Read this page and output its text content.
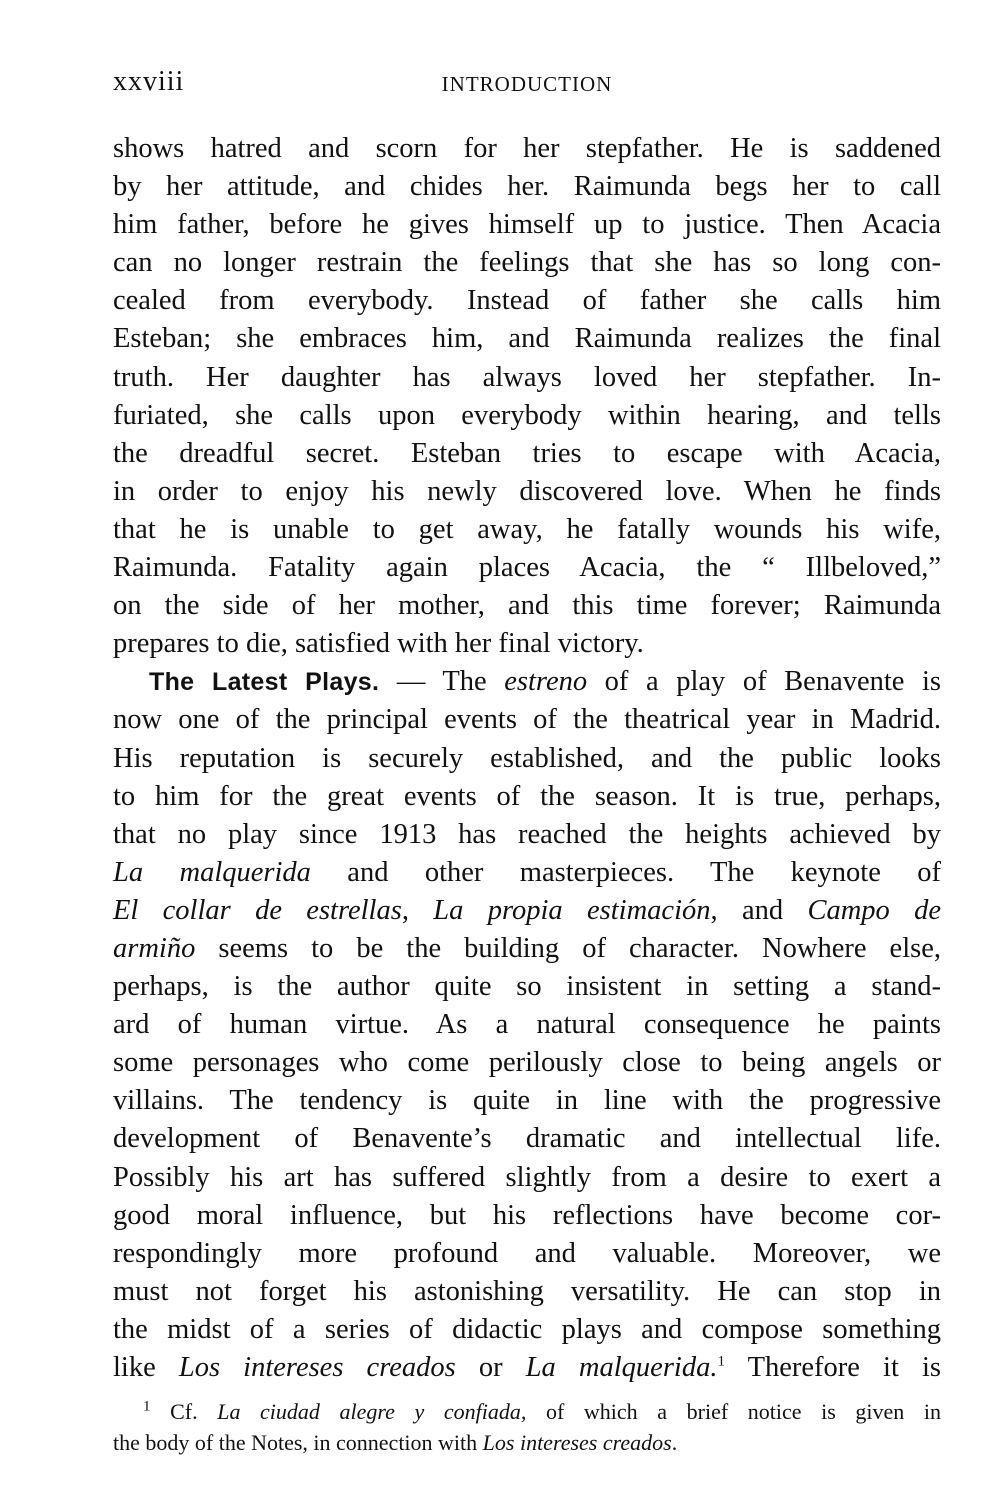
xxviii	INTRODUCTION
shows hatred and scorn for her stepfather. He is saddened
by her attitude, and chides her. Raimunda begs her to call
him father, before he gives himself up to justice. Then Acacia
can no longer restrain the feelings that she has so long con-
cealed from everybody. Instead of father she calls him
Esteban; she embraces him, and Raimunda realizes the final
truth. Her daughter has always loved her stepfather. In-
furiated, she calls upon everybody within hearing, and tells
the dreadful secret. Esteban tries to escape with Acacia,
in order to enjoy his newly discovered love. When he finds
that he is unable to get away, he fatally wounds his wife,
Raimunda. Fatality again places Acacia, the “ Illbeloved,”
on the side of her mother, and this time forever; Raimunda
prepares to die, satisfied with her final victory.
The Latest Plays. — The estreno of a play of Benavente is
now one of the principal events of the theatrical year in Madrid.
His reputation is securely established, and the public looks
to him for the great events of the season. It is true, perhaps,
that no play since 1913 has reached the heights achieved by
La malquerida and other masterpieces. The keynote of
El collar de estrellas, La propia estimación, and Campo de
armiño seems to be the building of character. Nowhere else,
perhaps, is the author quite so insistent in setting a stand-
ard of human virtue. As a natural consequence he paints
some personages who come perilously close to being angels or
villains. The tendency is quite in line with the progressive
development of Benavente’s dramatic and intellectual life.
Possibly his art has suffered slightly from a desire to exert a
good moral influence, but his reflections have become cor-
respondingly more profound and valuable. Moreover, we
must not forget his astonishing versatility. He can stop in
the midst of a series of didactic plays and compose something
like Los intereses creados or La malquerida.$^1$ Therefore it is
$^1$ Cf. La ciudad alegre y confiada, of which a brief notice is given in
the body of the Notes, in connection with Los intereses creados.
